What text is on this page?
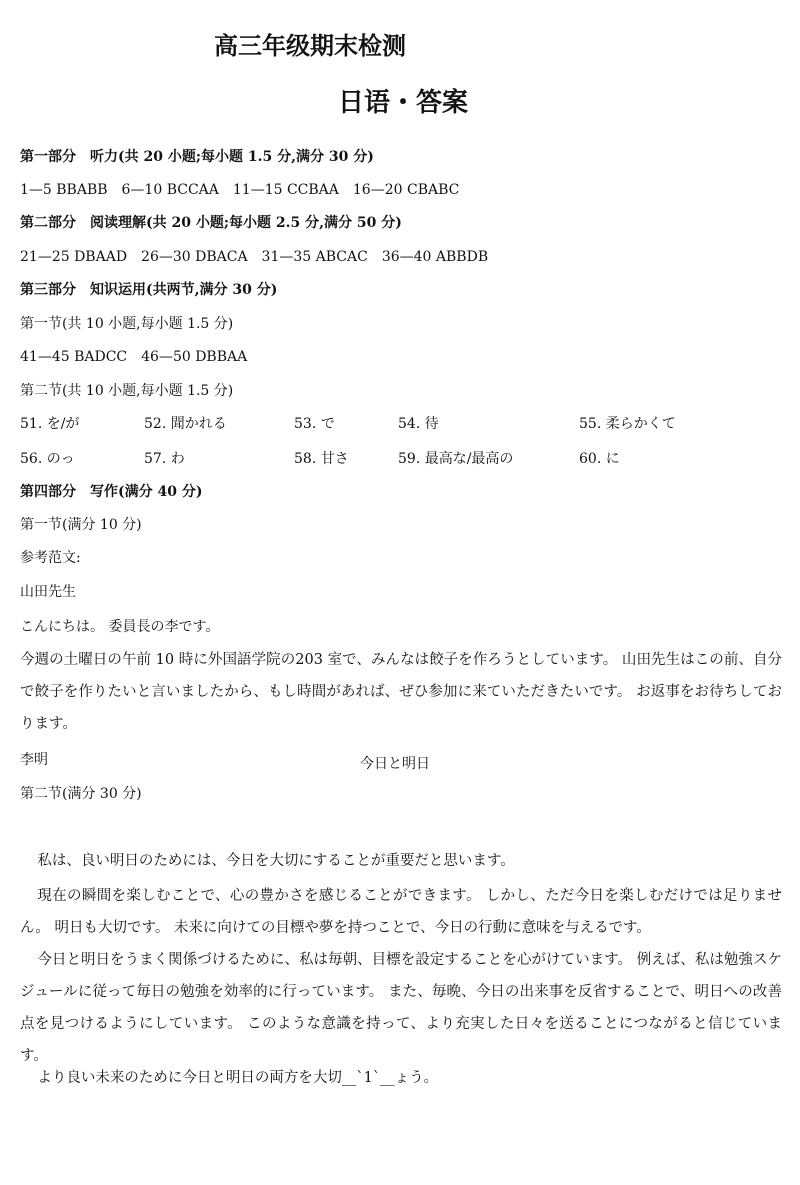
高三年级期末检测
日语・答案
第一部分　听力(共 20 小题;每小题 1.5 分,满分 30 分)
1—5 BBABB　6—10 BCCAA　11—15 CCBAA　16—20 CBABC
第二部分　阅读理解(共 20 小题;每小题 2.5 分,满分 50 分)
21—25 DBAAD　26—30 DBACA　31—35 ABCAC　36—40 ABBDB
第三部分　知识运用(共两节,满分 30 分)
第一节(共 10 小题,每小题 1.5 分)
41—45 BADCC　46—50 DBBAA
第二节(共 10 小题,每小题 1.5 分)
51. を/が	52. 聞かれる	53. で	54. 待	55. 柔らかくて
56. のっ	57. わ	58. 甘さ	59. 最高な/最高の	60. に
第四部分　写作(满分 40 分)
第一节(满分 10 分)
参考范文:
山田先生
こんにちは。 委員長の李です。
今週の土曜日の午前 10 時に外国語学院の203 室で、みんなは餃子を作ろうとしています。 山田先生はこの前、自分で餃子を作りたいと言いましたから、もし時間があれば、ぜひ参加に来ていただきたいです。 お返事をお待ちしております。
李明	今日と明日
第二节(满分 30 分)
私は、良い明日のためには、今日を大切にすることが重要だと思います。
現在の瞬間を楽しむことで、心の豊かさを感じることができます。 しかし、ただ今日を楽しむだけでは足りません。 明日も大切です。 未来に向けての目標や夢を持つことで、今日の行動に意味を与えるです。
今日と明日をうまく関係づけるために、私は毎朝、目標を設定することを心がけています。 例えば、私は勉強スケジュールに従って毎日の勉強を効率的に行っています。 また、毎晩、今日の出来事を反省することで、明日への改善点を見つけるようにしています。 このような意識を持って、より充実した日々を送ることにつながると信じています。
より良い未来のために今日と明日の両方を大切__`1`__ょう。
